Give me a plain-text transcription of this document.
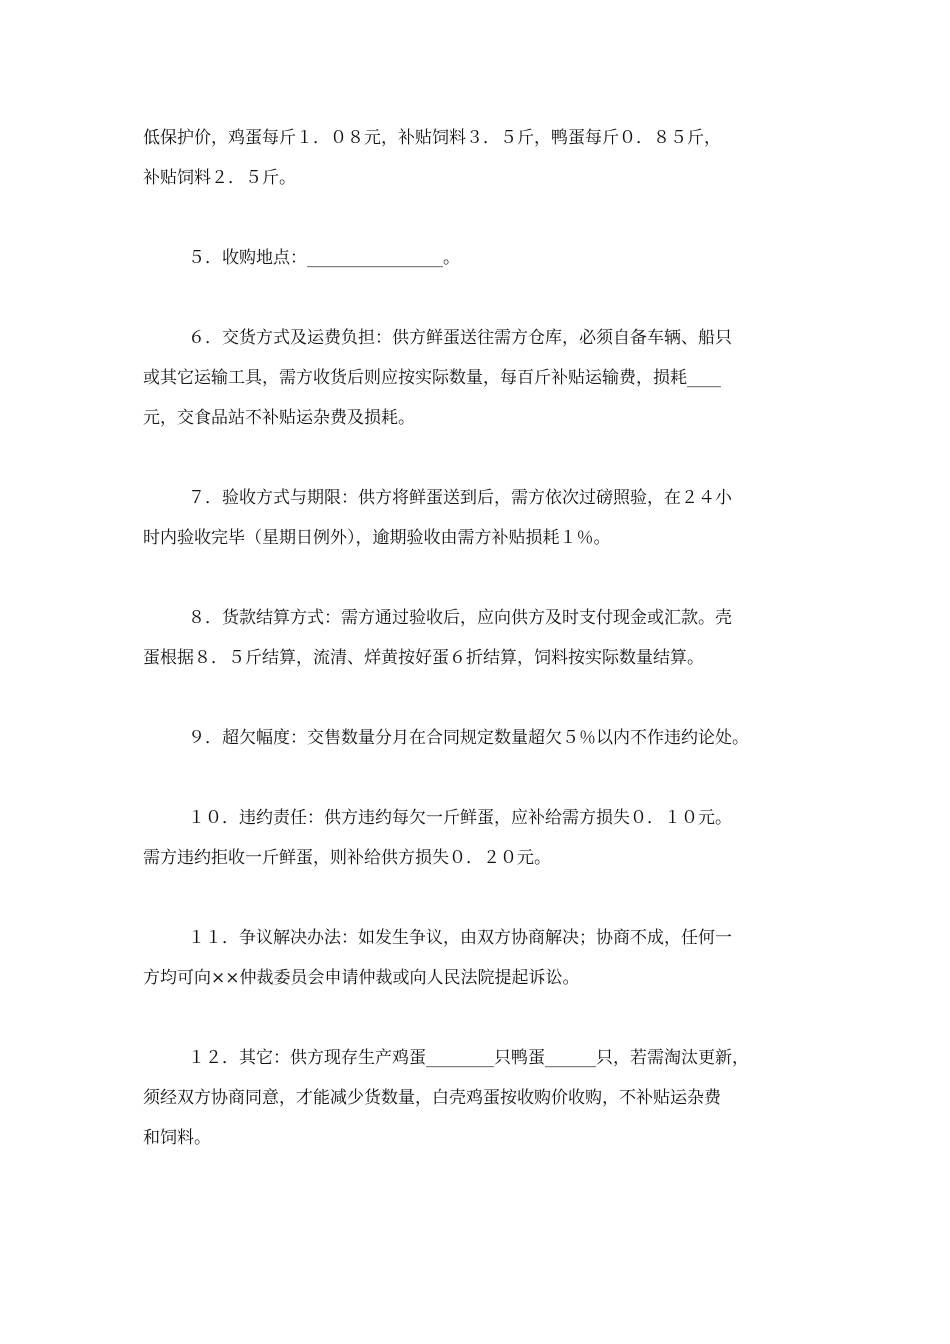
低保护价，鸡蛋每斤１．０８元，补贴饲料３．５斤，鸭蛋每斤０．８５斤，
补贴饲料２．５斤。

５．收购地点：________________。

６．交货方式及运费负担：供方鲜蛋送往需方仓库，必须自备车辆、船只
或其它运输工具，需方收货后则应按实际数量，每百斤补贴运输费，损耗____
元，交食品站不补贴运杂费及损耗。

７．验收方式与期限：供方将鲜蛋送到后，需方依次过磅照验，在２４小
时内验收完毕（星期日例外），逾期验收由需方补贴损耗１％。

８．货款结算方式：需方通过验收后，应向供方及时支付现金或汇款。壳
蛋根据８．５斤结算，流清、烊黄按好蛋６折结算，饲料按实际数量结算。

９．超欠幅度：交售数量分月在合同规定数量超欠５％以内不作违约论处。

１０．违约责任：供方违约每欠一斤鲜蛋，应补给需方损失０．１０元。
需方违约拒收一斤鲜蛋，则补给供方损失０．２０元。

１１．争议解决办法：如发生争议，由双方协商解决；协商不成，任何一
方均可向××仲裁委员会申请仲裁或向人民法院提起诉讼。

１２．其它：供方现存生产鸡蛋________只鸭蛋______只，若需淘汰更新，
须经双方协商同意，才能减少货数量，白壳鸡蛋按收购价收购，不补贴运杂费
和饲料。
